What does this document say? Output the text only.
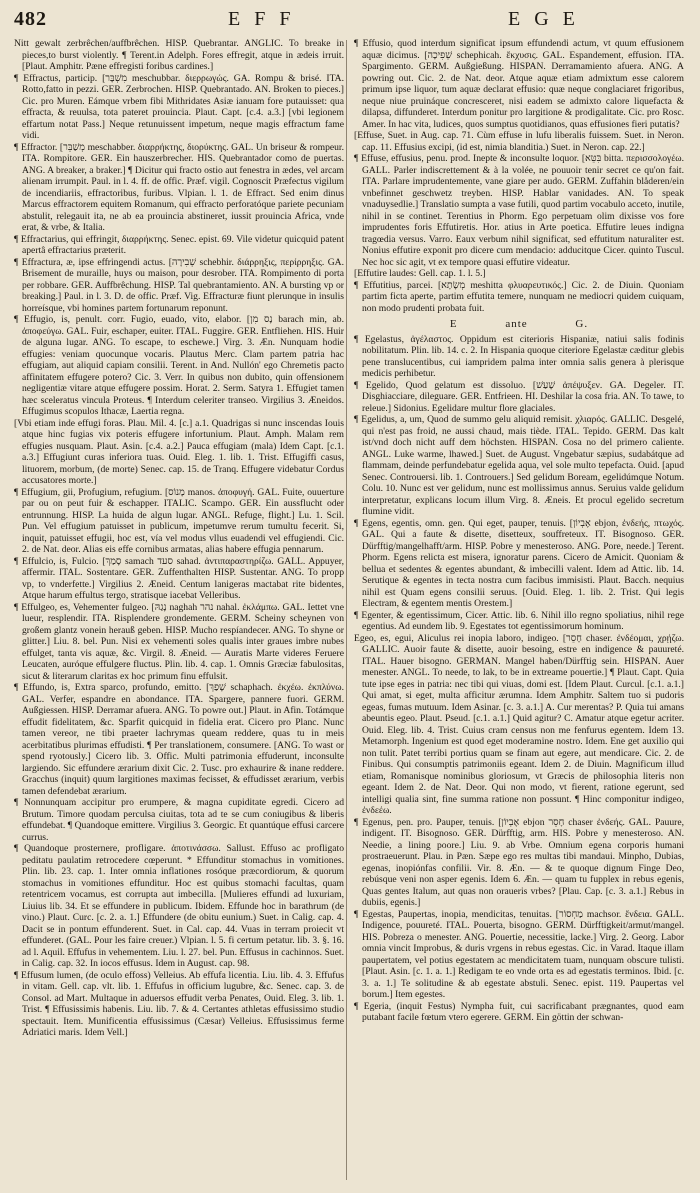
482	EFF	EGE

Nitt gewalt zerbrêchen/auffbrêchen. HISP. Quebrantar. ANGLIC. To breake in pieces,to burst violently. ¶ Terent.in Adelph. Fores effregit, atque in ædeis irruit. [Plaut. Amphitr. Pæne effregisti foribus cardines.]

¶ Effractus, particip. [מִשְׁבָּר meschubbar. διερρωγώς. GA. Rompu & brisé. ITA. Rotto,fatto in pezzi. GER. Zerbrochen. HISP. Quebrantado. AN. Broken to pieces.] Cic. pro Muren. Eámque vrbem fibi Mithridates Asiæ ianuam fore putauisset: qua effracta, & reuulsa, tota pateret prouincia. Plaut. Capt. [c.4. a.3.] [vbi legionem effartum notat Pass.] Neque retunuissent impetum, neque magis effractum fame vidi.

¶ Effractor. [מְשַׁבֵּר meschabber. διαρρήκτης, διορύκτης. GAL. Un briseur & rompeur. ITA. Rompitore. GER. Ein hauszerbrecher. HIS. Quebrantador como de puertas. ANG. A breaker, a braker.] ¶ Dicitur qui fracto ostio aut fenestra in ædes, vel arcam alienam irrumpit. Paul. in l. 4. ff. de offic. Præf. vigil. Cognoscit Præfectus vigilum de incendiariis, effractoribus, furibus. Vlpian. l. 1. de Effract. Sed enim dinus Marcus effractorem equitem Romanum, qui effracto perforatóque pariete pecuniam abstulit, relegauit ita, ne ab ea prouincia abstineret, iussit prouincia Africa, vnde erat, & vrbe, & Italia.

¶ Effractarius, qui effringit, διαρρήκτης. Senec. epist. 69. Vile videtur quicquid patent apertâ effractarius præterit.

¶ Effractura, æ, ipse effringendi actus. [שְׁבִירָה schebhir. διάρρηξις, περίρρηξις. GA. Brisement de muraille, huys ou maison, pour desrober. ITA. Rompimento di porta per robbare. GER. Auffbrêchung. HISP. Tal quebrantamiento. AN. A bursting vp or breaking.] Paul. in l. 3. D. de offic. Præf. Vig. Effracturæ fiunt plerunque in insulis horreísque, vbi homines partem fortunarum reponunt.

¶ Effugio, is, penult. corr. Fugio, euado, vito, elabor. [נָס מִן barach min, ab. ἀποφεύγω. GAL. Fuir, eschaper, euiter. ITAL. Fuggire. GER. Entfliehen. HIS. Huir de alguna lugar. ANG. To escape, to eschewe.] Virg. 3. Æn. Nunquam hodie effugies: veniam quocunque vocaris. Plautus Merc. Clam partem patria hac effugiam, aut aliquid capiam consilii. Terent. in And. Nullón' ego Chremetis pacto affinitatem effugere potero? Cic. 3. Verr. In quibus non dubito, quin offensionem negligentiæ vitare atque effugere possim. Horat. 2. Serm. Satyra 1. Effugiet tamen hæc sceleratus vincula Proteus. ¶ Interdum celeriter transeo. Virgilius 3. Æneidos. Effugimus scopulos Ithacæ, Laertia regna.

[Vbi etiam inde effugi foras. Plau. Mil. 4. [c.] a.1. Quadrigas si nunc inscendas Iouis atque hinc fugias vix poteris effugere infortunium. Plaut. Amph. Malam rem effugies nusquam. Plaut. Asin. [c.4. a.2.] Pauca effugiam (mala) Idem Capt. [c.1. a.3.] Effugiunt curas inferiora tuas. Ouid. Eleg. 1. lib. 1. Trist. Effugiffi casus, lituorem, morbum, (de morte) Senec. cap. 15. de Tranq. Effugere videbatur Cordus accusatores morte.]

¶ Effugium, gii, Profugium, refugium. [מָנוֹס manos. ἀποφυγή. GAL. Fuite, ouuerture par ou on peut fuir & eschapper. ITALIC. Scampo. GER. Ein aussflucht oder entrunnung. HISP. La huida de algun lugar. ANGL. Refuge, flight.] Lu. 1. Scil. Pun. Vel effugium patuisset in publicum, impetumve rerum tumultu fecerit. Si, inquit, patuisset effugii, hoc est, vía vel modus vllus euadendi vel effugiendi. Cic. 2. de Nat. deor. Alias eis effe cornibus armatas, alias habere effugia pennarum.

¶ Effulcio, is, Fulcio. [סָמַךְ samach סעד sahad. ἀντιπαραστηρίζω. GALL. Appuyer, affermir. ITAL. Sostentare. GER. Zuffenthalten HISP. Sustentar. ANG. To propp vp, to vnderfette.] Virgilius 2. Æneid. Centum lanigeras mactabat rite bidentes, Atque harum effultus tergo, stratisque iacebat Velleribus.

¶ Effulgeo, es, Vehementer fulgeo. [נָגַהּ naghah נהר nahal. ἐκλάμπω. GAL. Iettet vne lueur, resplendir. ITA. Risplendere grondemente. GERM. Scheiny scheynen von großem glantz vonein herauß geben. HISP. Mucho respíandecer. ANG. To shyne or glitter.] Liu. 8. bel. Pun. Nisi ex vehementi soles qualis inter graues imbre nubes effulget, tanta vis aquæ, &c. Virgil. 8. Æneid. — Auratis Marte videres Feruere Leucaten, auróque effulgere fluctus. Plin. lib. 4. cap. 1. Omnis Græciæ fabulositas, sicut & literarum claritas ex hoc primum finu effulsit.

¶ Effundo, is, Extra sparco, profundo, emitto. [שָׁפַךְ schaphach. ἐκχέω. ἐκπλύνω. GAL. Verfer, espandre en abondance. ITA. Spargere, pannere fuori. GERM. Außgiessen. HISP. Derramar afuera. ANG. To powre out.] Plaut. in Afin. Totámque effudit fidelitatem, &c. Sparfit quicquid in fidelia erat. Cicero pro Planc. Nunc tamen vereor, ne tibi praeter lachrymas queam reddere, quas tu in meis acerbitatibus plurimas effudisti. ¶ Per translationem, consumere. [ANG. To wast or spend ryotously.] Cicero lib. 3. Offic. Multi patrimonia effuderunt, inconsulte largiendo. Sic effundere ærarium dixit Cic. 2. Tusc. pro exhaurire & inane reddere. Gracchus (inquit) quum largitiones maximas fecisset, & effudisset ærarium, verbis tamen defendebat ærarium.

¶ Nonnunquam accipitur pro erumpere, & magna cupiditate egredi. Cicero ad Brutum. Timore quodam perculsa ciuitas, tota ad te se cum coniugibus & liberis effundebat. ¶ Quandoque emittere. Virgilius 3. Georgic. Et quantúque effusi carcere currus.

¶ Quandoque prosternere, profligare. ἀποτινάσσω. Sallust. Effuso ac profligato peditatu paulatim retrocedere cœperunt. * Effunditur stomachus in vomitiones. Plin. lib. 23. cap. 1. Inter omnia inflationes rosóque præcordiorum, & quorum stomachus in vomitiones effunditur. Hoc est quibus stomachi facultas, quam retentricem vocamus, est corrupta aut imbecilla. [Mulieres effundi ad luxuriam, Liuius lib. 34. Et se effundere in publicum. Ibidem. Effunde hoc in barathrum (de vino.) Plaut. Curc. [c. 2. a. 1.] Effundere (de obitu eunium.) Suet. in Calig. cap. 4. Dacit se in pontum effunderent. Suet. in Cal. cap. 44. Vuas in terram proiecit vt effunderet. (GAL. Pour les faire creuer.) Vlpian. l. 5. fi certum petatur. lib. 3. §. 16. ad l. Aquil. Effufus in vehementem. Liu. l. 27. bel. Pun. Effusus in cachinnos. Suet. in Calig. cap. 32. In iocos effusus. Idem in August. cap. 98.

¶ Effusum lumen, (de oculo effoss) Velleius. Ab effufa licentia. Liu. lib. 4. 3. Effufus in vitam. Gell. cap. vlt. lib. 1. Effufus in officium lugubre, &c. Senec. cap. 3. de Consol. ad Mart. Multaque in aduersos effudit verba Penates, Ouid. Eleg. 3. lib. 1. Trist. ¶ Effusissimis habenis. Liu. lib. 7. & 4. Certantes athletas effusissimo studio spectauit. Item. Munificentia effusissimus (Cæsar) Velleius. Effusissimus ferme Adriatici maris. Idem Vell.]

¶ Effusio, quod interdum significat ipsum effundendi actum, vt quum effusionem aquæ dicimus. [שְׁפִיכָה schephicah. ἔκχυσις. GAL. Espandement, effusion. ITA. Spargimento. GERM. Außgießung. HISPAN. Derramamiento afuera. ANG. A powring out. Cic. 2. de Nat. deor. Atque aquæ etiam admixtum esse calorem primum ipse liquor, tum aquæ declarat effusio: quæ neque conglaciaret frigoribus, neque niue pruináque concresceret, nisi eadem se admixto calore liquefacta & dilapsa, diffunderet. Interdum ponitur pro largitione & prodigalitate. Cic. pro Rosc. Amer. In hac vita, ludices, quos sumptus quotidianos, quas effusiones fieri putatis?

[Effuse, Suet. in Aug. cap. 71. Cùm effuse in lufu liberalis fuissem. Suet. in Neron. cap. 11. Effusius excipi, (id est, nimia blanditia.) Suet. in Neron. cap. 22.]

¶ Effuse, effusius, penu. prod. Inepte & inconsulte loquor. [בִּטֵּא bitta. περισσολογέω. GALL. Parler indiscrettement & à la volée, ne pouuoir tenir secret ce qu'on fait. ITA. Parlare imprudentemente, vane giare per audo. GERM. Zuffahin blåderen/ein vnbefinnet geschwetz treyben. HISP. Hablar vanidades. AN. To speak vnaduysedlie.] Translatio sumpta a vase futili, quod partim vocabulo acceto, inutile, nihil in se continet. Terentius in Phorm. Ego perpetuam olim dixisse vos fore imprudentes foris Effutiretis. Hor. atius in Arte poetica. Effutire leues indigna tragœdia versus. Varro. Eaux verbum nihil significat, sed effutitum naturaliter est. Nonius effutire exponit pro dicere cum mendacio: adducitque Cicer. quinto Tuscul. Nec hoc sic agit, vt ex tempore quasi effutire videatur.

[Effutire laudes: Gell. cap. 1. l. 5.]

¶ Effutitius, parcei. [מְשָׂתָא meshitta φλυαρευτικός.] Cic. 2. de Diuin. Quoniam partim ficta aperte, partim effutita temere, nunquam ne mediocri quidem cuiquam, non modo prudenti probata fuit.

E	ante	G.

¶ Egelastus, ἀγέλαστος. Oppidum est citerioris Hispaniæ, natiui salis fodinis nobilitatum. Plin. lib. 14. c. 2. In Hispania quoque citeriore Egelastæ cæditur glebis pene translucentibus, cui iampridem palma inter omnia salis genera à plerisque medicis perhibetur.

¶ Egelido, Quod gelatum est dissoluo. [שָׁעַשׁ ἀπέψυξεν. GA. Degeler. IT. Disghiacciare, dileguare. GER. Entfrieen. HI. Deshilar la cosa fria. AN. To tawe, to releue.] Sidonius. Egelidare multur flore glaciales.

¶ Egelidus, a, um, Quod de summo gelu aliquid remisit. χλιαρός. GALLIC. Desgelé, qui n'est pas froid, ne aussi chaud, mais tiède. ITAL. Tepido. GERM. Das kalt ist/vnd doch nicht auff dem höchsten. HISPAN. Cosa no del primero caliente. ANGL. Luke warme, lhawed.] Suet. de August. Vngebatur sæpius, sudabátque ad flammam, deinde perfundebatur egelida aqua, vel sole multo tepefacta. Ouid. [apud Senec. Controuersi. lib. 1. Controuers.] Sed gelidum Boream, egelidúmque Notum. Colu. 10. Nunc est ver gelidum, nunc est mollissimus annus. Seruius valde gelidum interpretatur, explicans locum illum Virg. 8. Æneis. Et procul egelido secretum flumine vidit.

¶ Egens, egentis, omn. gen. Qui eget, pauper, tenuis. [אֶבְיוֹן ebjon, ἐνδεής, πτωχός. GAL. Qui a faute & disette, disetteux, souffreteux. IT. Bisognoso. GER. Dürfftig/mangelhafft/arm. HISP. Pobre y menesteroso. ANG. Pore, neede.] Terent. Phorm. Egens relicta est misera, ignoratur parens. Cicero de Amicit. Quoniam & bellua et sedentes & egentes abundant, & imbecilli valent. Idem ad Attic. lib. 14. Serutique & egentes in tecta nostra cum facibus immisisti. Plaut. Bacch. nequius nihil est Quam egens consilii seruus. [Ouid. Eleg. 1. lib. 2. Trist. Qui legis Electram, & egentem mentis Orestem.]

¶ Egenter, & egentissimum, Cicer. Attic. lib. 6. Nihil illo regno spoliatius, nihil rege egentius. Ad eundem lib. 9. Egestates tot egentissimorum hominum.

Egeo, es, egui, Aliculus rei inopia laboro, indigeo. [חָסֵר chaser. ἐνδέομαι, χρῄζω. GALLIC. Auoir faute & disette, auoir besoing, estre en indigence & pauureté. ITAL. Hauer bisogno. GERMAN. Mangel haben/Dürfftig sein. HISPAN. Auer menester. ANGL. To neede, to lak, to be in extreame pouertie.] ¶ Plaut. Capt. Quia tute ipse eges in patria: nec tibi qui viuas, domi est. [Idem Plaut. Curcul. [c.1. a.1.] Qui amat, si eget, multa afficitur ærumna. Idem Amphitr. Saltem tuo si pudoris egeas, fumas mutuum. Idem Asinar. [c. 3. a.1.] A. Cur merentas? P. Quia tui amans abeuntis egeo. Plaut. Pseud. [c.1. a.1.] Quid agitur? C. Amatur atque egetur acriter. Ouid. Eleg. lib. 4. Trist. Cuius cram census non me fenfurus egentem. Idem 13. Metamorph. Ingenium est quod eget moderamine nostro. Idem. Ene get auxilio qui non tulit. Patet terribi portius quam se finam aut egere, aut mendicare. Cic. 2. de Finibus. Qui consumptis patrimoniis egeant. Idem 2. de Diuin. Magnificum illud etiam, Romanisque nominibus gloriosum, vt Græcis de philosophia literis non egeant. Idem 2. de Nat. Deor. Qui non modo, vt fierent, ratione egerunt, sed intelligi qualia sint, fine summa ratione non possunt. ¶ Hinc componitur indigeo, ἐνδεέω.

¶ Egenus, pen. pro. Pauper, tenuis. [אֶבְיוֹן ebjon חָסֵר chaser ἐνδεής. GAL. Pauure, indigent. IT. Bisognoso. GER. Dürfftig, arm. HIS. Pobre y menesteroso. AN. Needie, a lining poore.] Liu. 9. ab Vrbe. Omnium egena corporis humani prostraeuerunt. Plau. in Pæn. Sæpe ego res multas tibi mandaui. Minpho, Dubias, egenas, inopiónfas confilii. Vir. 8. Æn. — & te quoque dignum Finge Deo, rebúsque veni non asper egenis. Idem 6. Æn. — quam tu fupplex in rebus egenis, Quas gentes Italum, aut quas non oraueris vrbes? [Plau. Cap. [c. 3. a.1.] Rebus in dubiis, egenis.]

¶ Egestas, Paupertas, inopia, mendicitas, tenuitas. [מַחְסוֹר machsor. ἔνδεια. GALL. Indigence, pouureté. ITAL. Pouerta, bisogno. GERM. Dürfftigkeit/armut/mangel. HIS. Pobreza o menester. ANG. Pouertie, necessitie, lacke.] Virg. 2. Georg. Labor omnia vincit Improbus, & duris vrgens in rebus egestas. Cic. in Varad. Itaque illam paupertatem, vel potius egestatem ac mendicitatem tuam, nunquam obscure tulisti. [Plaut. Asin. [c. 1. a. 1.] Redigam te eo vnde orta es ad egestatis terminos. Ibid. [c. 3. a. 1.] Te solitudine & ab egestate abstuli. Senec. epist. 119. Paupertas vel borum.] Item egestes.

¶ Egeria, (inquit Festus) Nympha fuit, cui sacrificabant prægnantes, quod eam putabant facile fœtum vtero egerere. GERM. Ein göttin der schwan-
